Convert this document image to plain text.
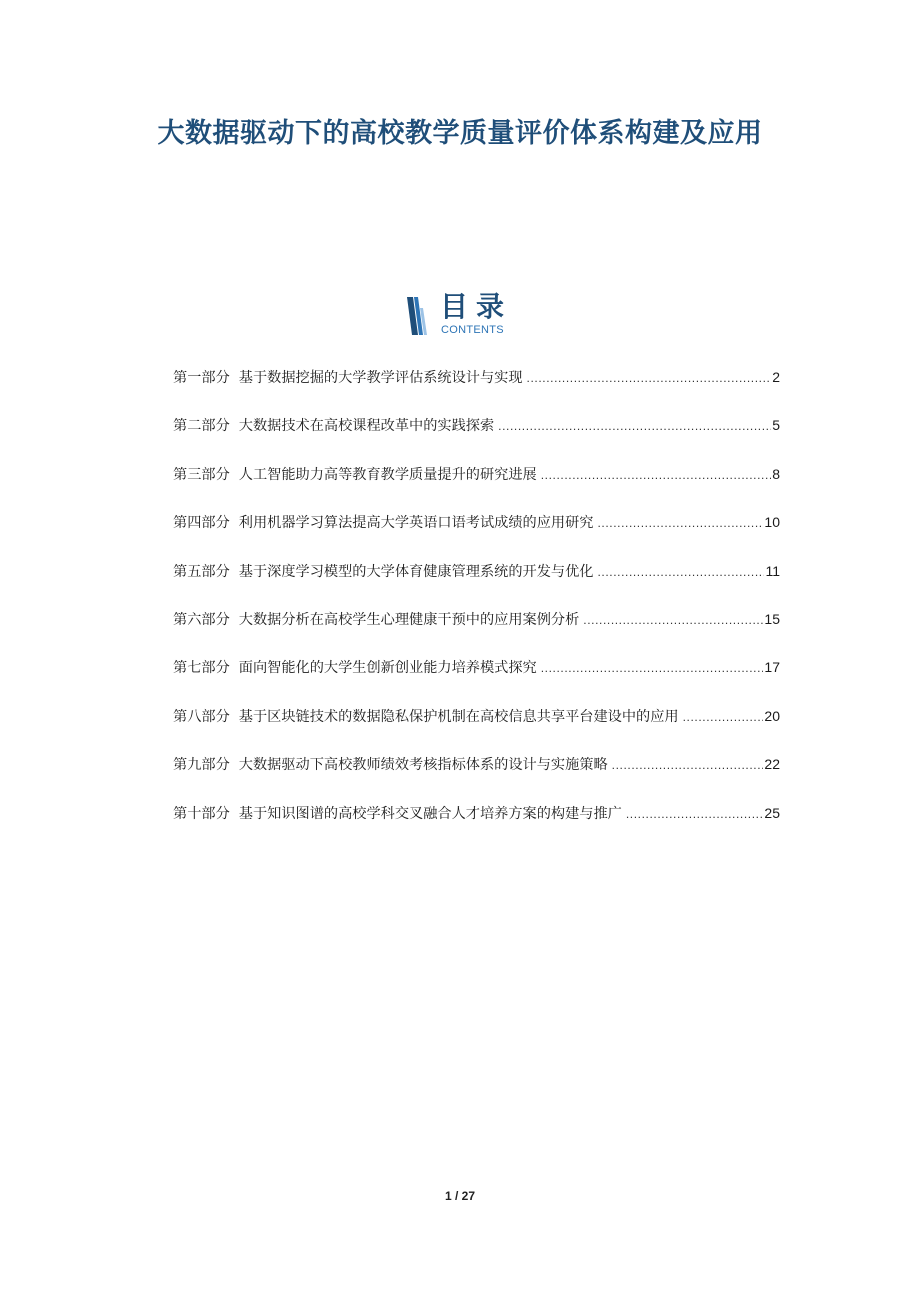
大数据驱动下的高校教学质量评价体系构建及应用
目录
CONTENTS
第一部分 基于数据挖掘的大学教学评估系统设计与实现 .....	2
第二部分 大数据技术在高校课程改革中的实践探索 .....	5
第三部分 人工智能助力高等教育教学质量提升的研究进展 .....	8
第四部分 利用机器学习算法提高大学英语口语考试成绩的应用研究 .....	10
第五部分 基于深度学习模型的大学体育健康管理系统的开发与优化 .....	11
第六部分 大数据分析在高校学生心理健康干预中的应用案例分析 .....	15
第七部分 面向智能化的大学生创新创业能力培养模式探究 .....	17
第八部分 基于区块链技术的数据隐私保护机制在高校信息共享平台建设中的应用 .....	20
第九部分 大数据驱动下高校教师绩效考核指标体系的设计与实施策略 .....	22
第十部分 基于知识图谱的高校学科交叉融合人才培养方案的构建与推广 .....	25
1 / 27
